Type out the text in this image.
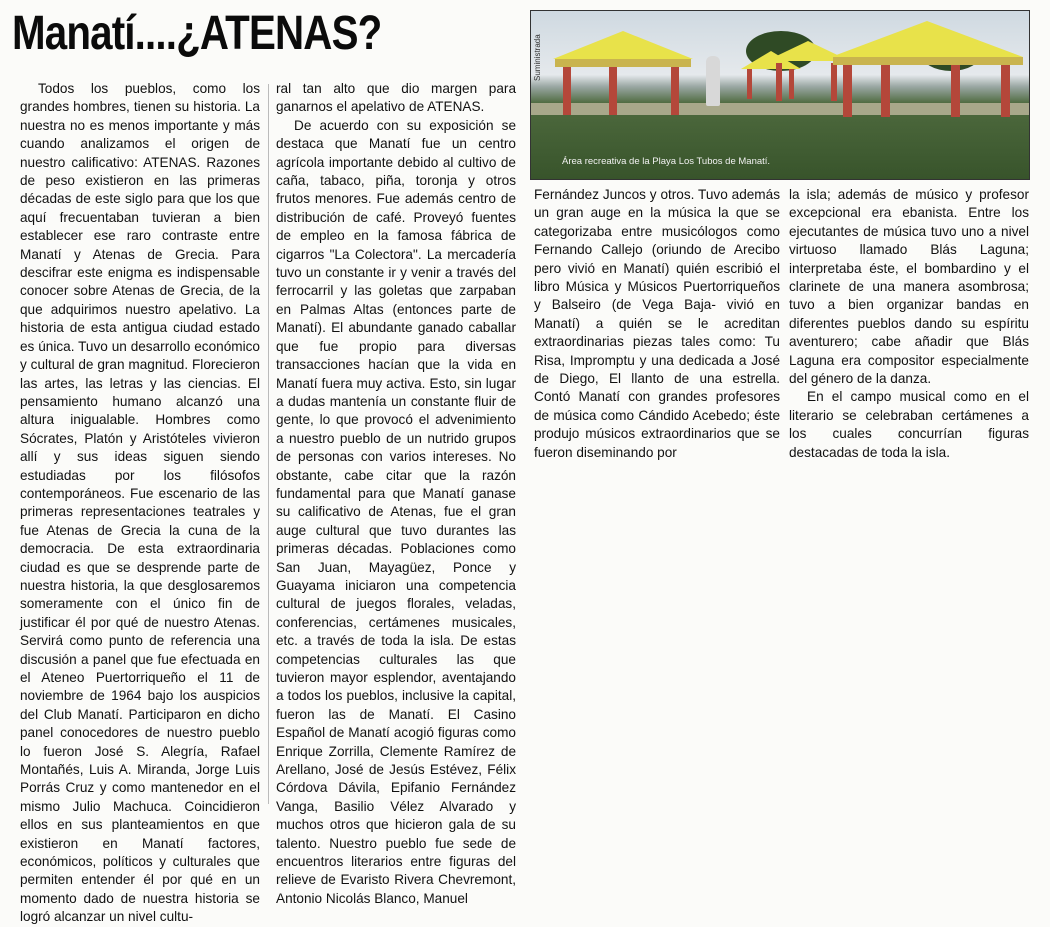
Manatí....¿ATENAS?	Suministrada
Área recreativa de la Playa Los Tubos de Manatí.

Todos los pueblos, como los grandes hombres, tienen su historia. La nuestra no es menos importante y más cuando analizamos el origen de nuestro calificativo: ATENAS. Razones de peso existieron en las primeras décadas de este siglo para que los que aquí frecuentaban tuvieran a bien establecer ese raro contraste entre Manatí y Atenas de Grecia. Para descifrar este enigma es indispensable conocer sobre Atenas de Grecia, de la que adquirimos nuestro apelativo. La historia de esta antigua ciudad estado es única. Tuvo un desarrollo económico y cultural de gran magnitud. Florecieron las artes, las letras y las ciencias. El pensamiento humano alcanzó una altura inigualable. Hombres como Sócrates, Platón y Aristóteles vivieron allí y sus ideas siguen siendo estudiadas por los filósofos contemporáneos. Fue escenario de las primeras representaciones teatrales y fue Atenas de Grecia la cuna de la democracia. De esta extraordinaria ciudad es que se desprende parte de nuestra historia, la que desglosaremos someramente con el único fin de justificar él por qué de nuestro Atenas. Servirá como punto de referencia una discusión a panel que fue efectuada en el Ateneo Puertorriqueño el 11 de noviembre de 1964 bajo los auspicios del Club Manatí. Participaron en dicho panel conocedores de nuestro pueblo lo fueron José S. Alegría, Rafael Montañés, Luis A. Miranda, Jorge Luis Porrás Cruz y como mantenedor en el mismo Julio Machuca. Coincidieron ellos en sus planteamientos en que existieron en Manatí factores, económicos, políticos y culturales que permiten entender él por qué en un momento dado de nuestra historia se logró alcanzar un nivel cultu-

ral tan alto que dio margen para ganarnos el apelativo de ATENAS.

De acuerdo con su exposición se destaca que Manatí fue un centro agrícola importante debido al cultivo de caña, tabaco, piña, toronja y otros frutos menores. Fue además centro de distribución de café. Proveyó fuentes de empleo en la famosa fábrica de cigarros "La Colectora". La mercadería tuvo un constante ir y venir a través del ferrocarril y las goletas que zarpaban en Palmas Altas (entonces parte de Manatí). El abundante ganado caballar que fue propio para diversas transacciones hacían que la vida en Manatí fuera muy activa. Esto, sin lugar a dudas mantenía un constante fluir de gente, lo que provocó el advenimiento a nuestro pueblo de un nutrido grupos de personas con varios intereses. No obstante, cabe citar que la razón fundamental para que Manatí ganase su calificativo de Atenas, fue el gran auge cultural que tuvo durantes las primeras décadas. Poblaciones como San Juan, Mayagüez, Ponce y Guayama iniciaron una competencia cultural de juegos florales, veladas, conferencias, certámenes musicales, etc. a través de toda la isla. De estas competencias culturales las que tuvieron mayor esplendor, aventajando a todos los pueblos, inclusive la capital, fueron las de Manatí. El Casino Español de Manatí acogió figuras como Enrique Zorrilla, Clemente Ramírez de Arellano, José de Jesús Estévez, Félix Córdova Dávila, Epifanio Fernández Vanga, Basilio Vélez Alvarado y muchos otros que hicieron gala de su talento. Nuestro pueblo fue sede de encuentros literarios entre figuras del relieve de Evaristo Rivera Chevremont, Antonio Nicolás Blanco, Manuel

Fernández Juncos y otros. Tuvo además un gran auge en la música la que se categorizaba entre musicólogos como Fernando Callejo (oriundo de Arecibo pero vivió en Manatí) quién escribió el libro Música y Músicos Puertorriqueños y Balseiro (de Vega Baja- vivió en Manatí) a quién se le acreditan extraordinarias piezas tales como: Tu Risa, Impromptu y una dedicada a José de Diego, El llanto de una estrella. Contó Manatí con grandes profesores de música como Cándido Acebedo; éste produjo músicos extraordinarios que se fueron diseminando por

la isla; además de músico y profesor excepcional era ebanista. Entre los ejecutantes de música tuvo uno a nivel virtuoso llamado Blás Laguna; interpretaba éste, el bombardino y el clarinete de una manera asombrosa; tuvo a bien organizar bandas en diferentes pueblos dando su espíritu aventurero; cabe añadir que Blás Laguna era compositor especialmente del género de la danza.

En el campo musical como en el literario se celebraban certámenes a los cuales concurrían figuras destacadas de toda la isla.
